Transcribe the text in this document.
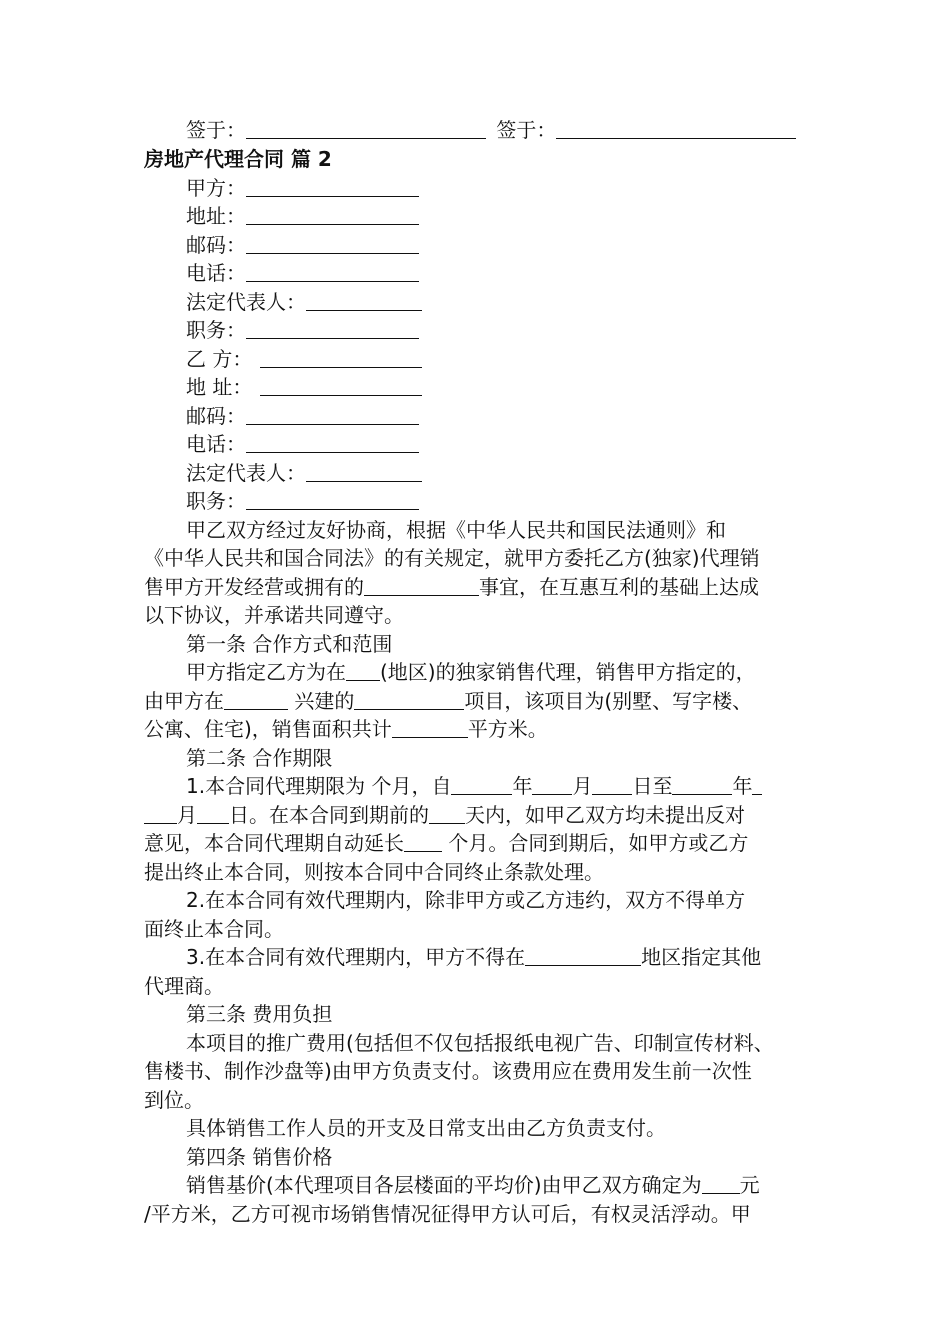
签于：	签于：
房地产代理合同 篇 2
甲方：
地址：
邮码：
电话：
法定代表人：
职务：
乙 方：
地 址：
邮码：
电话：
法定代表人：
职务：
甲乙双方经过友好协商，根据《中华人民共和国民法通则》和
《中华人民共和国合同法》的有关规定，就甲方委托乙方(独家)代理销
售甲方开发经营或拥有的	事宜，在互惠互利的基础上达成
以下协议，并承诺共同遵守。
第一条 合作方式和范围
甲方指定乙方为在 (地区)的独家销售代理，销售甲方指定的，
由甲方在	兴建的	项目，该项目为(别墅、写字楼、
公寓、住宅)，销售面积共计	平方米。
第二条 合作期限
1.本合同代理期限为 个月，自	年 月 日至	年
月 日。在本合同到期前的 天内，如甲乙双方均未提出反对
意见，本合同代理期自动延长 个月。合同到期后，如甲方或乙方
提出终止本合同，则按本合同中合同终止条款处理。
2.在本合同有效代理期内，除非甲方或乙方违约，双方不得单方
面终止本合同。
3.在本合同有效代理期内，甲方不得在	地区指定其他
代理商。
第三条 费用负担
本项目的推广费用(包括但不仅包括报纸电视广告、印制宣传材料、
售楼书、制作沙盘等)由甲方负责支付。该费用应在费用发生前一次性
到位。
具体销售工作人员的开支及日常支出由乙方负责支付。
第四条 销售价格
销售基价(本代理项目各层楼面的平均价)由甲乙双方确定为 元
/平方米，乙方可视市场销售情况征得甲方认可后，有权灵活浮动。甲
